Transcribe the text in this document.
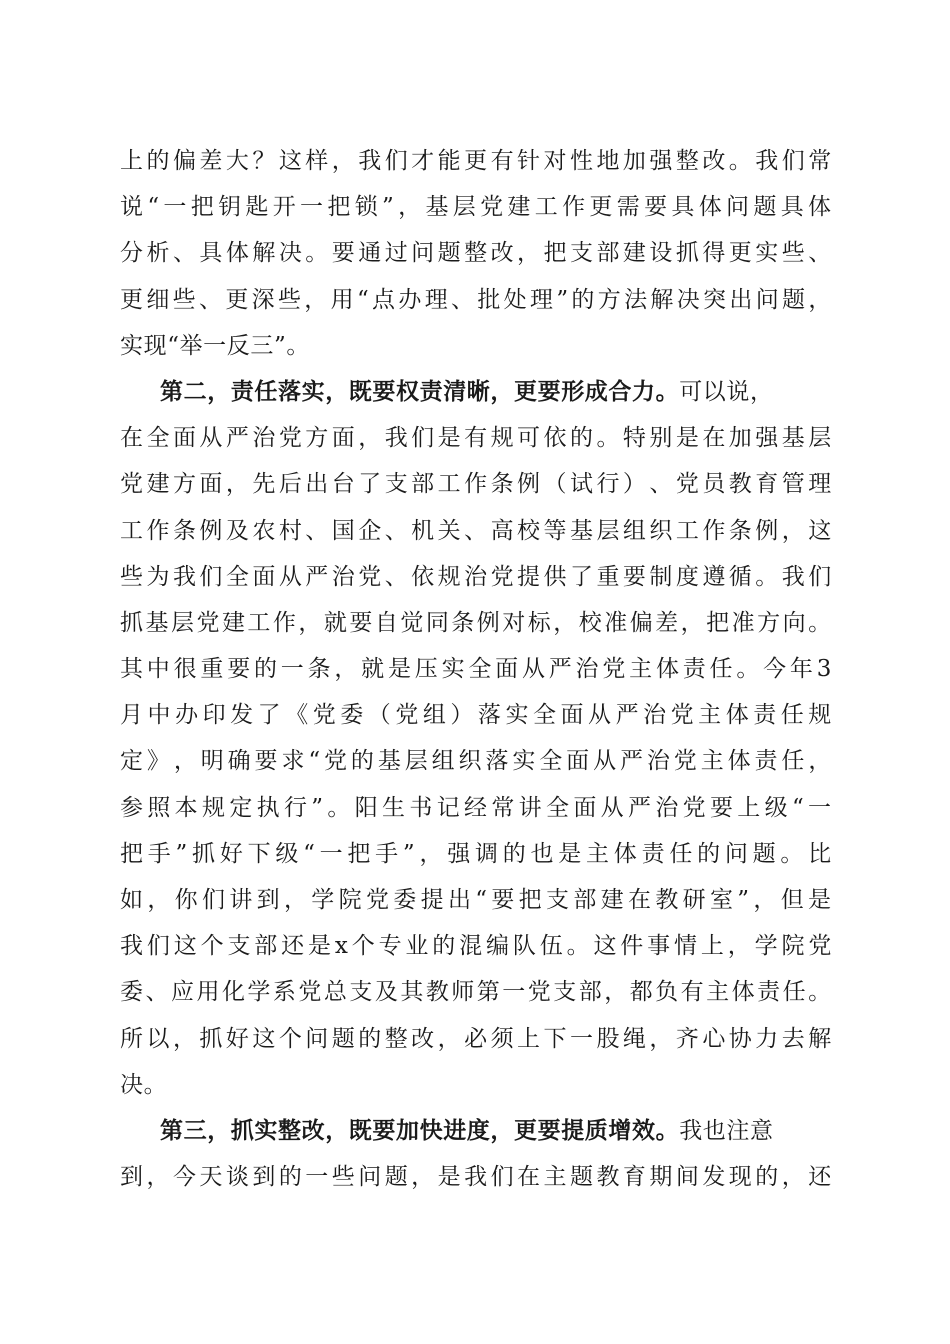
上 的 偏 差 大 ？ 这 样 ， 我 们 才 能 更 有 针 对 性 地 加 强 整 改 。 我 们 常
说 “ 一 把 钥 匙 开 一 把 锁 ” ， 基 层 党 建 工 作 更 需 要 具 体 问 题 具 体
分 析 、 具 体 解 决 。 要 通 过 问 题 整 改 ， 把 支 部 建 设 抓 得 更 实 些 、
更 细 些 、 更 深 些 ， 用 “ 点 办 理 、 批 处 理 ” 的 方 法 解 决 突 出 问 题 ，
实现“举一反三”。
第二，责任落实，既要权责清晰，更要形成合力。 可以说，
在 全 面 从 严 治 党 方 面 ， 我 们 是 有 规 可 依 的 。 特 别 是 在 加 强 基 层
党 建 方 面 ， 先 后 出 台 了 支 部 工 作 条 例 （ 试 行 ） 、 党 员 教 育 管 理
工 作 条 例 及 农 村 、 国 企 、 机 关 、 高 校 等 基 层 组 织 工 作 条 例 ， 这
些 为 我 们 全 面 从 严 治 党 、 依 规 治 党 提 供 了 重 要 制 度 遵 循 。 我 们
抓 基 层 党 建 工 作 ， 就 要 自 觉 同 条 例 对 标 ， 校 准 偏 差 ， 把 准 方 向 。
其 中 很 重 要 的 一 条 ， 就 是 压 实 全 面 从 严 治 党 主 体 责 任 。 今 年 3
月 中 办 印 发 了 《 党 委 （ 党 组 ） 落 实 全 面 从 严 治 党 主 体 责 任 规
定 》 ， 明 确 要 求 “ 党 的 基 层 组 织 落 实 全 面 从 严 治 党 主 体 责 任 ，
参 照 本 规 定 执 行 ” 。 阳 生 书 记 经 常 讲 全 面 从 严 治 党 要 上 级 “ 一
把 手 ” 抓 好 下 级 “ 一 把 手 ” ， 强 调 的 也 是 主 体 责 任 的 问 题 。 比
如 ， 你 们 讲 到 ， 学 院 党 委 提 出 “ 要 把 支 部 建 在 教 研 室 ” ， 但 是
我 们 这 个 支 部 还 是 x 个 专 业 的 混 编 队 伍 。 这 件 事 情 上 ， 学 院 党
委 、 应 用 化 学 系 党 总 支 及 其 教 师 第 一 党 支 部 ， 都 负 有 主 体 责 任 。
所 以 ， 抓 好 这 个 问 题 的 整 改 ， 必 须 上 下 一 股 绳 ， 齐 心 协 力 去 解
决。
第三，抓实整改，既要加快进度，更要提质增效。 我也注意
到 ， 今 天 谈 到 的 一 些 问 题 ， 是 我 们 在 主 题 教 育 期 间 发 现 的 ， 还
